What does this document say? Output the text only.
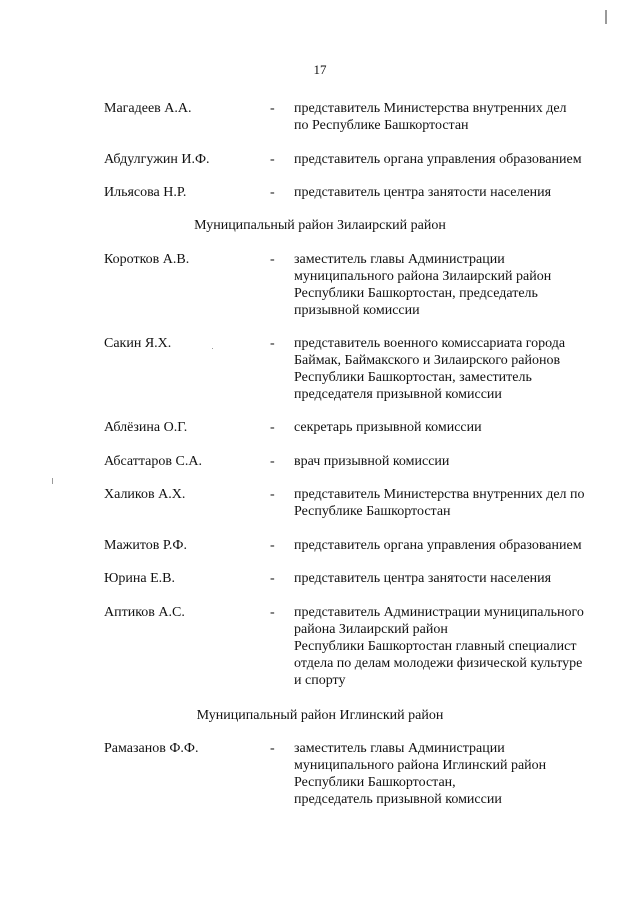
17
Муниципальный район Зилаирский район
Муниципальный район Иглинский район
Магадеев А.А.	- представитель Министерства внутренних дел
по Республике Башкортостан
Абдулгужин И.Ф.	- представитель органа управления образованием
Ильясова Н.Р.	- представитель центра занятости населения
Коротков А.В.	- заместитель главы Администрации
муниципального района Зилаирский район
Республики Башкортостан, председатель
призывной комиссии
Сакин Я.Х.	- представитель военного комиссариата города
Баймак, Баймакского и Зилаирского районов
Республики Башкортостан, заместитель
председателя призывной комиссии
Аблёзина О.Г.	- секретарь призывной комиссии
Абсаттаров С.А.	- врач призывной комиссии
Халиков А.Х.	- представитель Министерства внутренних дел по
Республике Башкортостан
Мажитов Р.Ф.	- представитель органа управления образованием
Юрина Е.В.	- представитель центра занятости населения
Аптиков А.С.	- представитель Администрации муниципального
района Зилаирский район
Республики Башкортостан главный специалист
отдела по делам молодежи физической культуре
и спорту
Рамазанов Ф.Ф.	- заместитель главы Администрации
муниципального района Иглинский район
Республики Башкортостан,
председатель призывной комиссии
